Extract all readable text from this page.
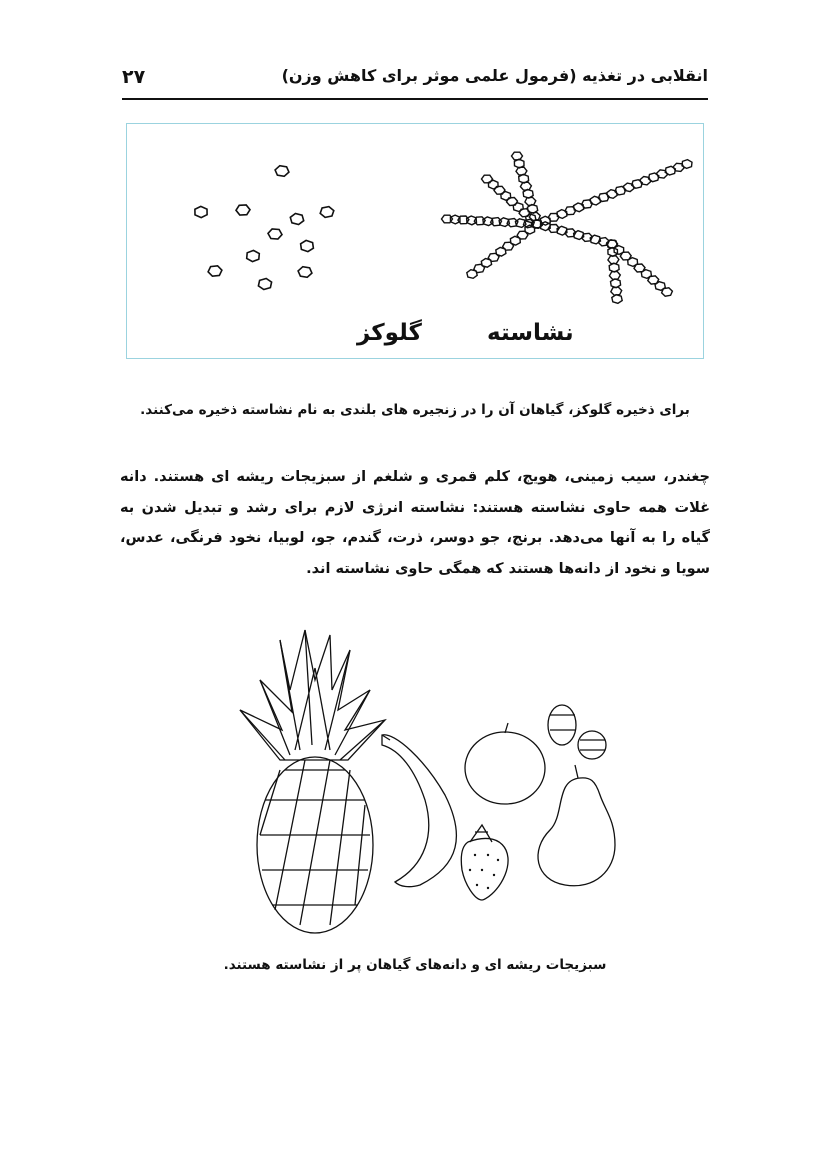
۲۷	انقلابی در تغذیه (فرمول علمی موثر برای کاهش وزن)
گلوکز	نشاسته
برای ذخیره گلوکز، گیاهان آن را در زنجیره های بلندی به نام نشاسته ذخیره می‌کنند.

چغندر، سیب زمینی، هویج، کلم قمری و شلغم از سبزیجات ریشه ای هستند. دانه غلات همه حاوی نشاسته هستند: نشاسته انرژی لازم برای رشد و تبدیل شدن به گیاه را به آنها می‌دهد. برنج، جو دوسر، ذرت، گندم، جو، لوبیا، نخود فرنگی، عدس، سویا و نخود از دانه‌ها هستند که همگی حاوی نشاسته اند.

سبزیجات ریشه ای و دانه‌های گیاهان پر از نشاسته هستند.
